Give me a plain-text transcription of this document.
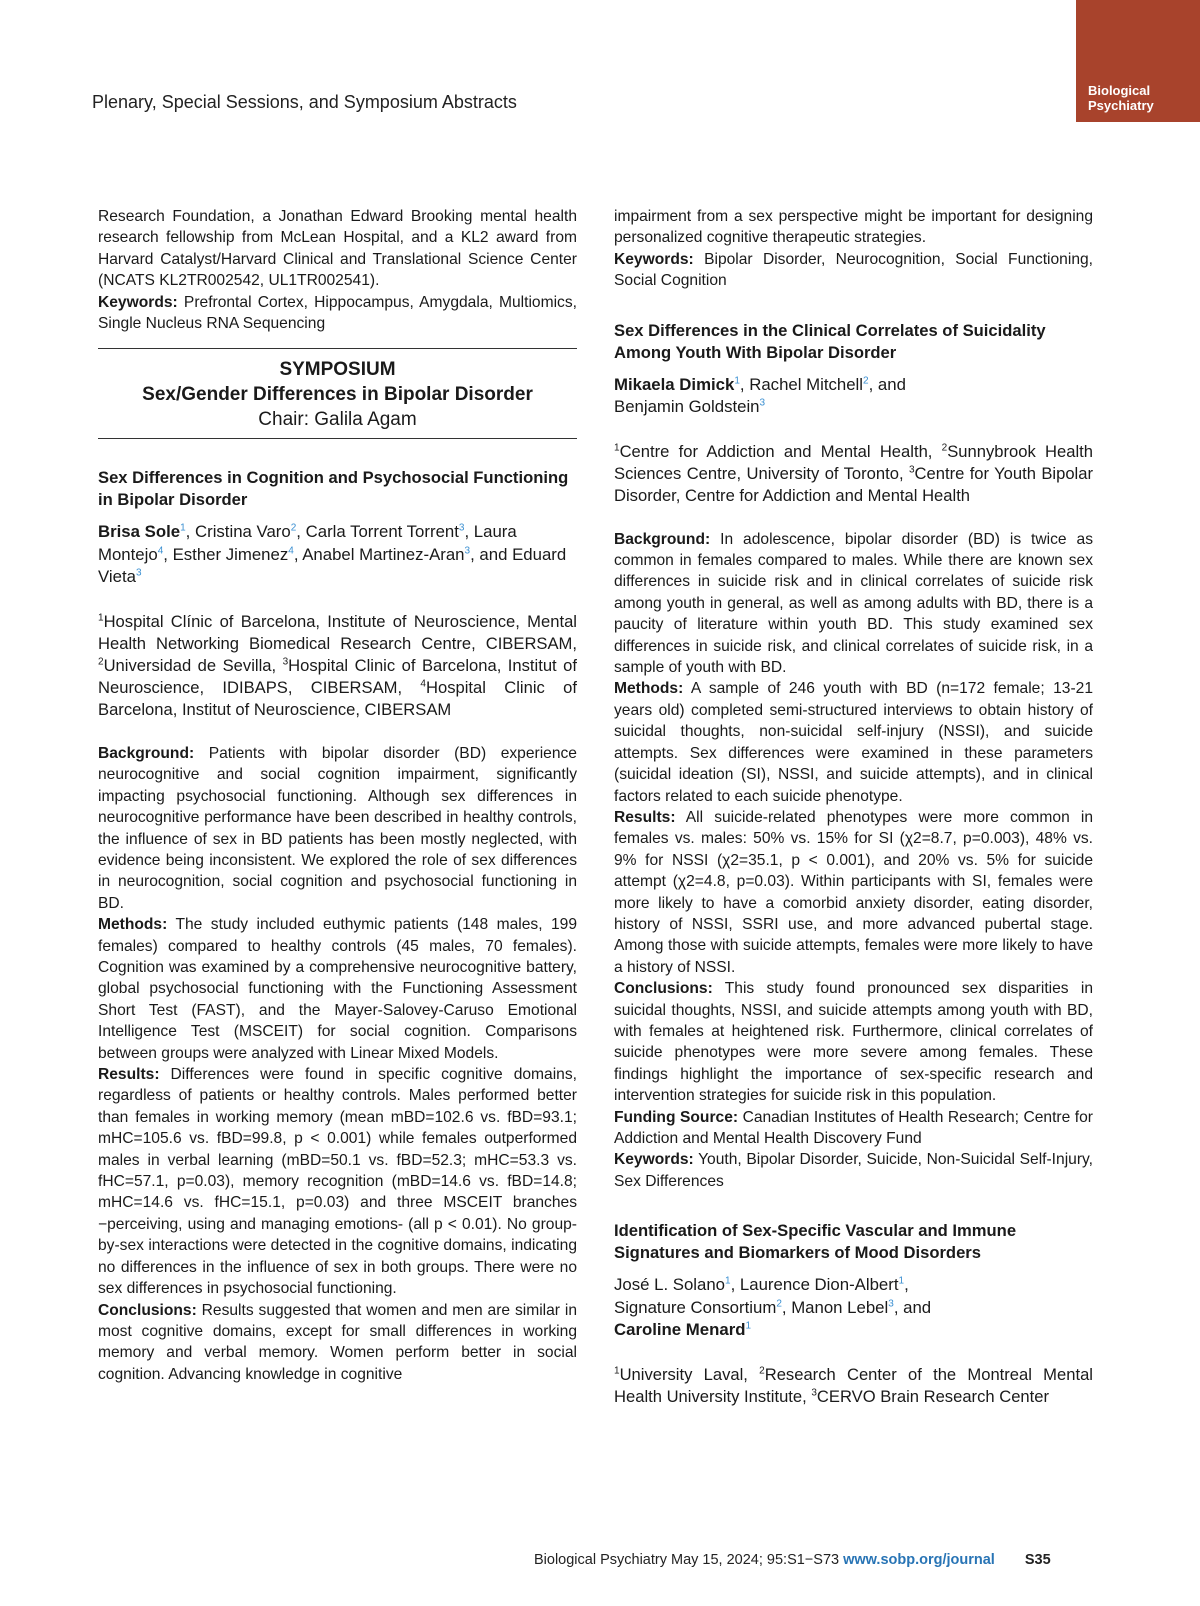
Plenary, Special Sessions, and Symposium Abstracts
Biological
Psychiatry

Research Foundation, a Jonathan Edward Brooking mental health research fellowship from McLean Hospital, and a KL2 award from Harvard Catalyst/Harvard Clinical and Translational Science Center (NCATS KL2TR002542, UL1TR002541).

Keywords: Prefrontal Cortex, Hippocampus, Amygdala, Multiomics, Single Nucleus RNA Sequencing

SYMPOSIUM
Sex/Gender Differences in Bipolar Disorder
Chair: Galila Agam

Sex Differences in Cognition and Psychosocial Functioning in Bipolar Disorder

Brisa Sole$^1$, Cristina Varo$^2$, Carla Torrent Torrent$^3$, Laura Montejo$^4$, Esther Jimenez$^4$, Anabel Martinez-Aran$^3$, and Eduard Vieta$^3$

$^1$Hospital Clínic of Barcelona, Institute of Neuroscience, Mental Health Networking Biomedical Research Centre, CIBERSAM, $^2$Universidad de Sevilla, $^3$Hospital Clinic of Barcelona, Institut of Neuroscience, IDIBAPS, CIBERSAM, $^4$Hospital Clinic of Barcelona, Institut of Neuroscience, CIBERSAM

Background: Patients with bipolar disorder (BD) experience neurocognitive and social cognition impairment, significantly impacting psychosocial functioning. Although sex differences in neurocognitive performance have been described in healthy controls, the influence of sex in BD patients has been mostly neglected, with evidence being inconsistent. We explored the role of sex differences in neurocognition, social cognition and psychosocial functioning in BD.

Methods: The study included euthymic patients (148 males, 199 females) compared to healthy controls (45 males, 70 females). Cognition was examined by a comprehensive neurocognitive battery, global psychosocial functioning with the Functioning Assessment Short Test (FAST), and the Mayer-Salovey-Caruso Emotional Intelligence Test (MSCEIT) for social cognition. Comparisons between groups were analyzed with Linear Mixed Models.

Results: Differences were found in specific cognitive domains, regardless of patients or healthy controls. Males performed better than females in working memory (mean mBD=102.6 vs. fBD=93.1; mHC=105.6 vs. fBD=99.8, p < 0.001) while females outperformed males in verbal learning (mBD=50.1 vs. fBD=52.3; mHC=53.3 vs. fHC=57.1, p=0.03), memory recognition (mBD=14.6 vs. fBD=14.8; mHC=14.6 vs. fHC=15.1, p=0.03) and three MSCEIT branches −perceiving, using and managing emotions- (all p < 0.01). No group-by-sex interactions were detected in the cognitive domains, indicating no differences in the influence of sex in both groups. There were no sex differences in psychosocial functioning.

Conclusions: Results suggested that women and men are similar in most cognitive domains, except for small differences in working memory and verbal memory. Women perform better in social cognition. Advancing knowledge in cognitive

impairment from a sex perspective might be important for designing personalized cognitive therapeutic strategies.

Keywords: Bipolar Disorder, Neurocognition, Social Functioning, Social Cognition

Sex Differences in the Clinical Correlates of Suicidality Among Youth With Bipolar Disorder

Mikaela Dimick$^1$, Rachel Mitchell$^2$, and
Benjamin Goldstein$^3$

$^1$Centre for Addiction and Mental Health, $^2$Sunnybrook Health Sciences Centre, University of Toronto, $^3$Centre for Youth Bipolar Disorder, Centre for Addiction and Mental Health

Background: In adolescence, bipolar disorder (BD) is twice as common in females compared to males. While there are known sex differences in suicide risk and in clinical correlates of suicide risk among youth in general, as well as among adults with BD, there is a paucity of literature within youth BD. This study examined sex differences in suicide risk, and clinical correlates of suicide risk, in a sample of youth with BD.

Methods: A sample of 246 youth with BD (n=172 female; 13-21 years old) completed semi-structured interviews to obtain history of suicidal thoughts, non-suicidal self-injury (NSSI), and suicide attempts. Sex differences were examined in these parameters (suicidal ideation (SI), NSSI, and suicide attempts), and in clinical factors related to each suicide phenotype.

Results: All suicide-related phenotypes were more common in females vs. males: 50% vs. 15% for SI (χ2=8.7, p=0.003), 48% vs. 9% for NSSI (χ2=35.1, p < 0.001), and 20% vs. 5% for suicide attempt (χ2=4.8, p=0.03). Within participants with SI, females were more likely to have a comorbid anxiety disorder, eating disorder, history of NSSI, SSRI use, and more advanced pubertal stage. Among those with suicide attempts, females were more likely to have a history of NSSI.

Conclusions: This study found pronounced sex disparities in suicidal thoughts, NSSI, and suicide attempts among youth with BD, with females at heightened risk. Furthermore, clinical correlates of suicide phenotypes were more severe among females. These findings highlight the importance of sex-specific research and intervention strategies for suicide risk in this population.

Funding Source: Canadian Institutes of Health Research; Centre for Addiction and Mental Health Discovery Fund

Keywords: Youth, Bipolar Disorder, Suicide, Non-Suicidal Self-Injury, Sex Differences

Identification of Sex-Specific Vascular and Immune Signatures and Biomarkers of Mood Disorders

José L. Solano$^1$, Laurence Dion-Albert$^1$,
Signature Consortium$^2$, Manon Lebel$^3$, and
Caroline Menard$^1$

$^1$University Laval, $^2$Research Center of the Montreal Mental Health University Institute, $^3$CERVO Brain Research Center

Biological Psychiatry May 15, 2024; 95:S1−S73 www.sobp.org/journal S35
